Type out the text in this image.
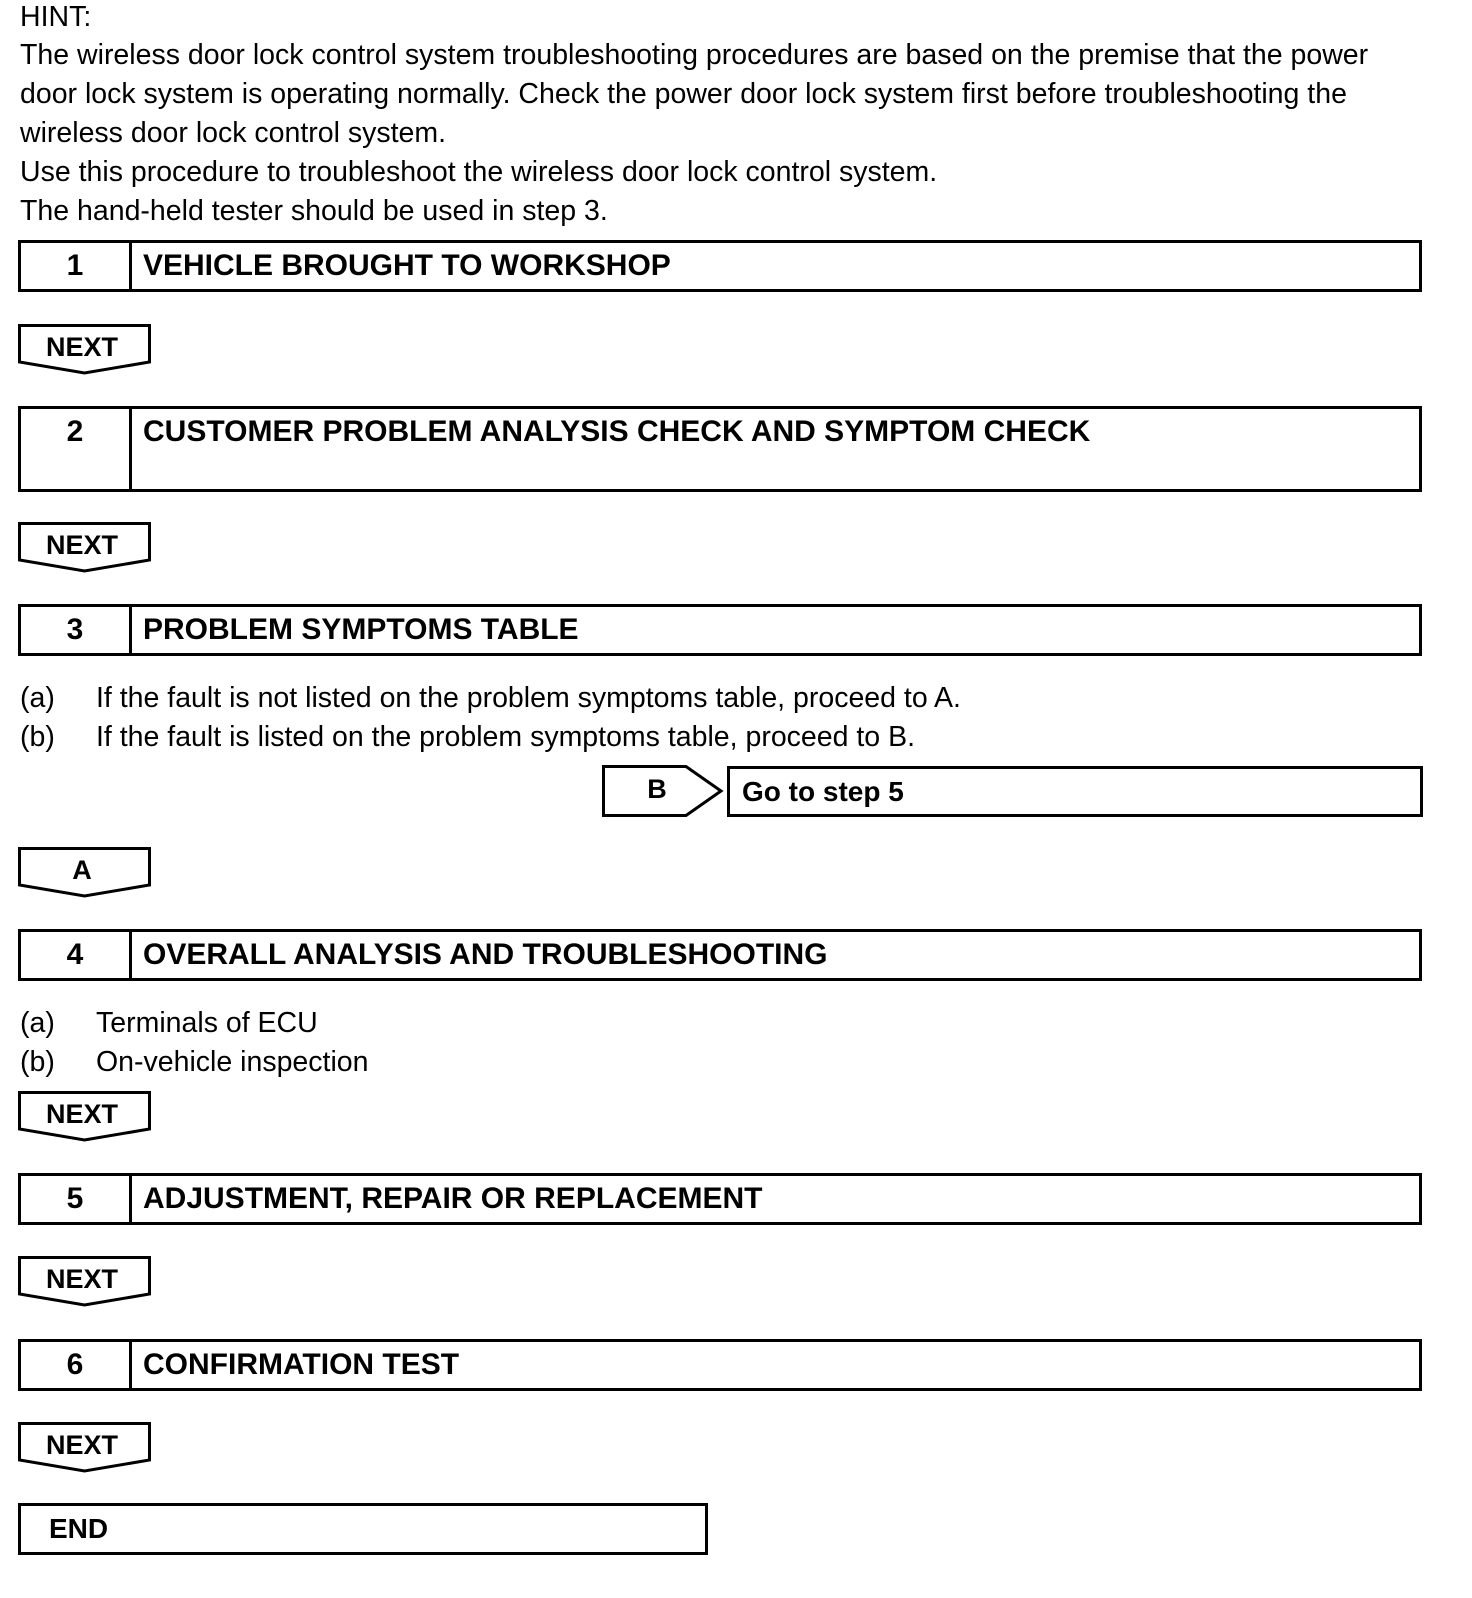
HINT:
The wireless door lock control system troubleshooting procedures are based on the premise that the power
door lock system is operating normally. Check the power door lock system first before troubleshooting the
wireless door lock control system.
Use this procedure to troubleshoot the wireless door lock control system.
The hand-held tester should be used in step 3.
1	VEHICLE BROUGHT TO WORKSHOP
NEXT
2	CUSTOMER PROBLEM ANALYSIS CHECK AND SYMPTOM CHECK
NEXT
3	PROBLEM SYMPTOMS TABLE
(a) If the fault is not listed on the problem symptoms table, proceed to A.
(b) If the fault is listed on the problem symptoms table, proceed to B.
B	Go to step 5
A
4	OVERALL ANALYSIS AND TROUBLESHOOTING
(a) Terminals of ECU
(b) On-vehicle inspection
NEXT
5	ADJUSTMENT, REPAIR OR REPLACEMENT
NEXT
6	CONFIRMATION TEST
NEXT
END
